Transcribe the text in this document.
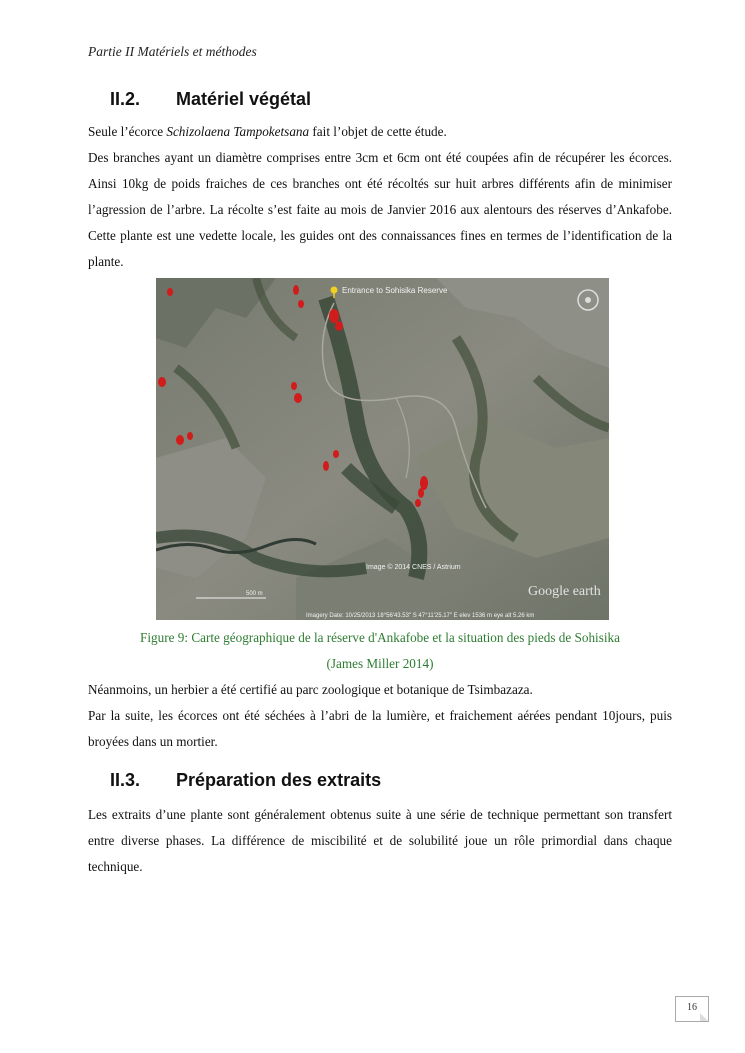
Partie II Matériels et méthodes
II.2. Matériel végétal

Seule l’écorce Schizolaena Tampoketsana fait l’objet de cette étude.

Des branches ayant un diamètre comprises entre 3cm et 6cm ont été coupées afin de récupérer les écorces. Ainsi 10kg de poids fraiches de ces branches ont été récoltés sur huit arbres différents afin de minimiser l’agression de l’arbre. La récolte s’est faite au mois de Janvier 2016 aux alentours des réserves d’Ankafobe. Cette plante est une vedette locale, les guides ont des connaissances fines en termes de l’identification de la plante.

Entrance to Sohisika Reserve
Image © 2014 CNES / Astrium
Imagery Date: 10/25/2013 18°56'43.53" S 47°11'25.17" E elev 1536 m eye alt 5.26 km
500 m	Google earth

Figure 9: Carte géographique de la réserve d'Ankafobe et la situation des pieds de Sohisika

(James Miller 2014)

Néanmoins, un herbier a été certifié au parc zoologique et botanique de Tsimbazaza.

Par la suite, les écorces ont été séchées à l’abri de la lumière, et fraichement aérées pendant 10jours, puis broyées dans un mortier.

II.3. Préparation des extraits

Les extraits d’une plante sont généralement obtenus suite à une série de technique permettant son transfert entre diverse phases. La différence de miscibilité et de solubilité joue un rôle primordial dans chaque technique.

16
